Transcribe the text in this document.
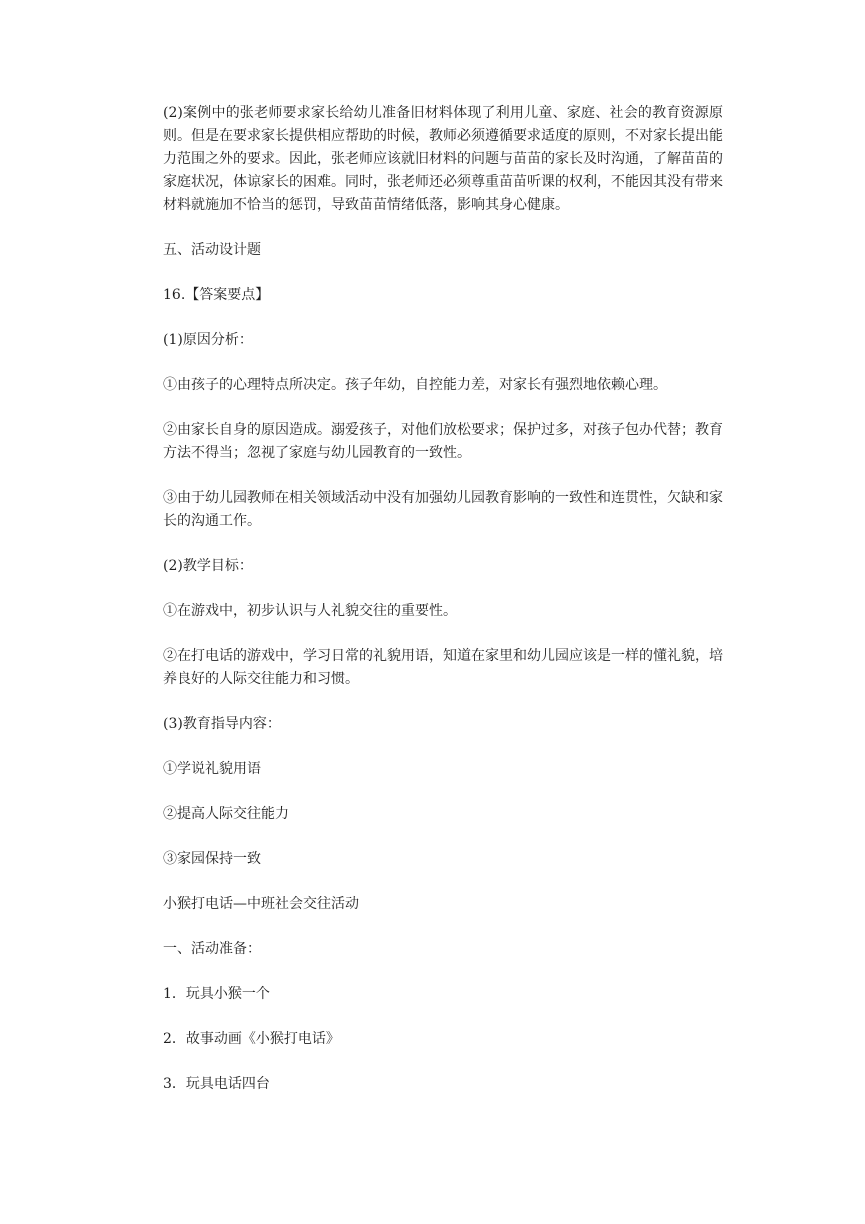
(2)案例中的张老师要求家长给幼儿准备旧材料体现了利用儿童、家庭、社会的教育资源原则。但是在要求家长提供相应帮助的时候，教师必须遵循要求适度的原则，不对家长提出能力范围之外的要求。因此，张老师应该就旧材料的问题与苗苗的家长及时沟通，了解苗苗的家庭状况，体谅家长的困难。同时，张老师还必须尊重苗苗听课的权利，不能因其没有带来材料就施加不恰当的惩罚，导致苗苗情绪低落，影响其身心健康。

五、活动设计题

16.【答案要点】

(1)原因分析：

①由孩子的心理特点所决定。孩子年幼，自控能力差，对家长有强烈地依赖心理。

②由家长自身的原因造成。溺爱孩子，对他们放松要求；保护过多，对孩子包办代替；教育方法不得当；忽视了家庭与幼儿园教育的一致性。

③由于幼儿园教师在相关领域活动中没有加强幼儿园教育影响的一致性和连贯性，欠缺和家长的沟通工作。

(2)教学目标：

①在游戏中，初步认识与人礼貌交往的重要性。

②在打电话的游戏中，学习日常的礼貌用语，知道在家里和幼儿园应该是一样的懂礼貌，培养良好的人际交往能力和习惯。

(3)教育指导内容：

①学说礼貌用语

②提高人际交往能力

③家园保持一致

小猴打电话—中班社会交往活动

一、活动准备：

1．玩具小猴一个

2．故事动画《小猴打电话》

3．玩具电话四台
